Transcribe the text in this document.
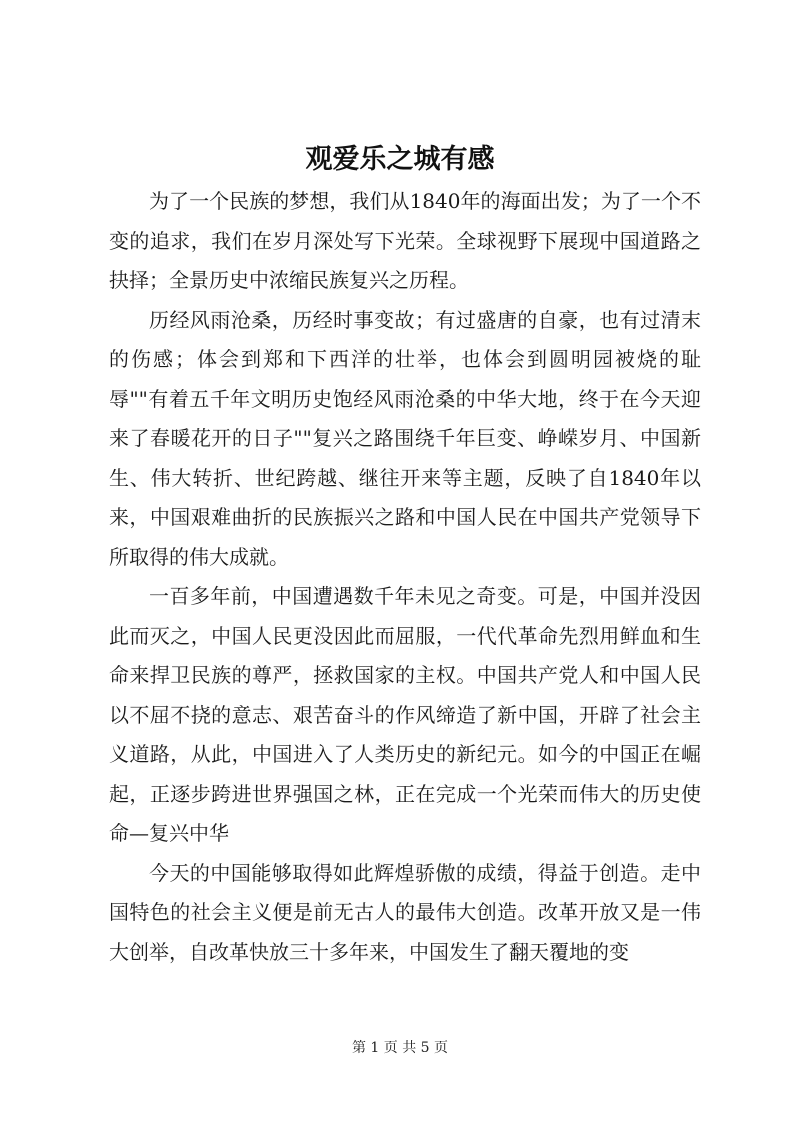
观爱乐之城有感

为了一个民族的梦想，我们从1840年的海面出发；为了一个不变的追求，我们在岁月深处写下光荣。全球视野下展现中国道路之抉择；全景历史中浓缩民族复兴之历程。

历经风雨沧桑，历经时事变故；有过盛唐的自豪，也有过清末的伤感；体会到郑和下西洋的壮举，也体会到圆明园被烧的耻辱""有着五千年文明历史饱经风雨沧桑的中华大地，终于在今天迎来了春暖花开的日子""复兴之路围绕千年巨变、峥嵘岁月、中国新生、伟大转折、世纪跨越、继往开来等主题，反映了自1840年以来，中国艰难曲折的民族振兴之路和中国人民在中国共产党领导下所取得的伟大成就。

一百多年前，中国遭遇数千年未见之奇变。可是，中国并没因此而灭之，中国人民更没因此而屈服，一代代革命先烈用鲜血和生命来捍卫民族的尊严，拯救国家的主权。中国共产党人和中国人民以不屈不挠的意志、艰苦奋斗的作风缔造了新中国，开辟了社会主义道路，从此，中国进入了人类历史的新纪元。如今的中国正在崛起，正逐步跨进世界强国之林，正在完成一个光荣而伟大的历史使命—复兴中华

今天的中国能够取得如此辉煌骄傲的成绩，得益于创造。走中国特色的社会主义便是前无古人的最伟大创造。改革开放又是一伟大创举，自改革快放三十多年来，中国发生了翻天覆地的变

第 1 页 共 5 页
